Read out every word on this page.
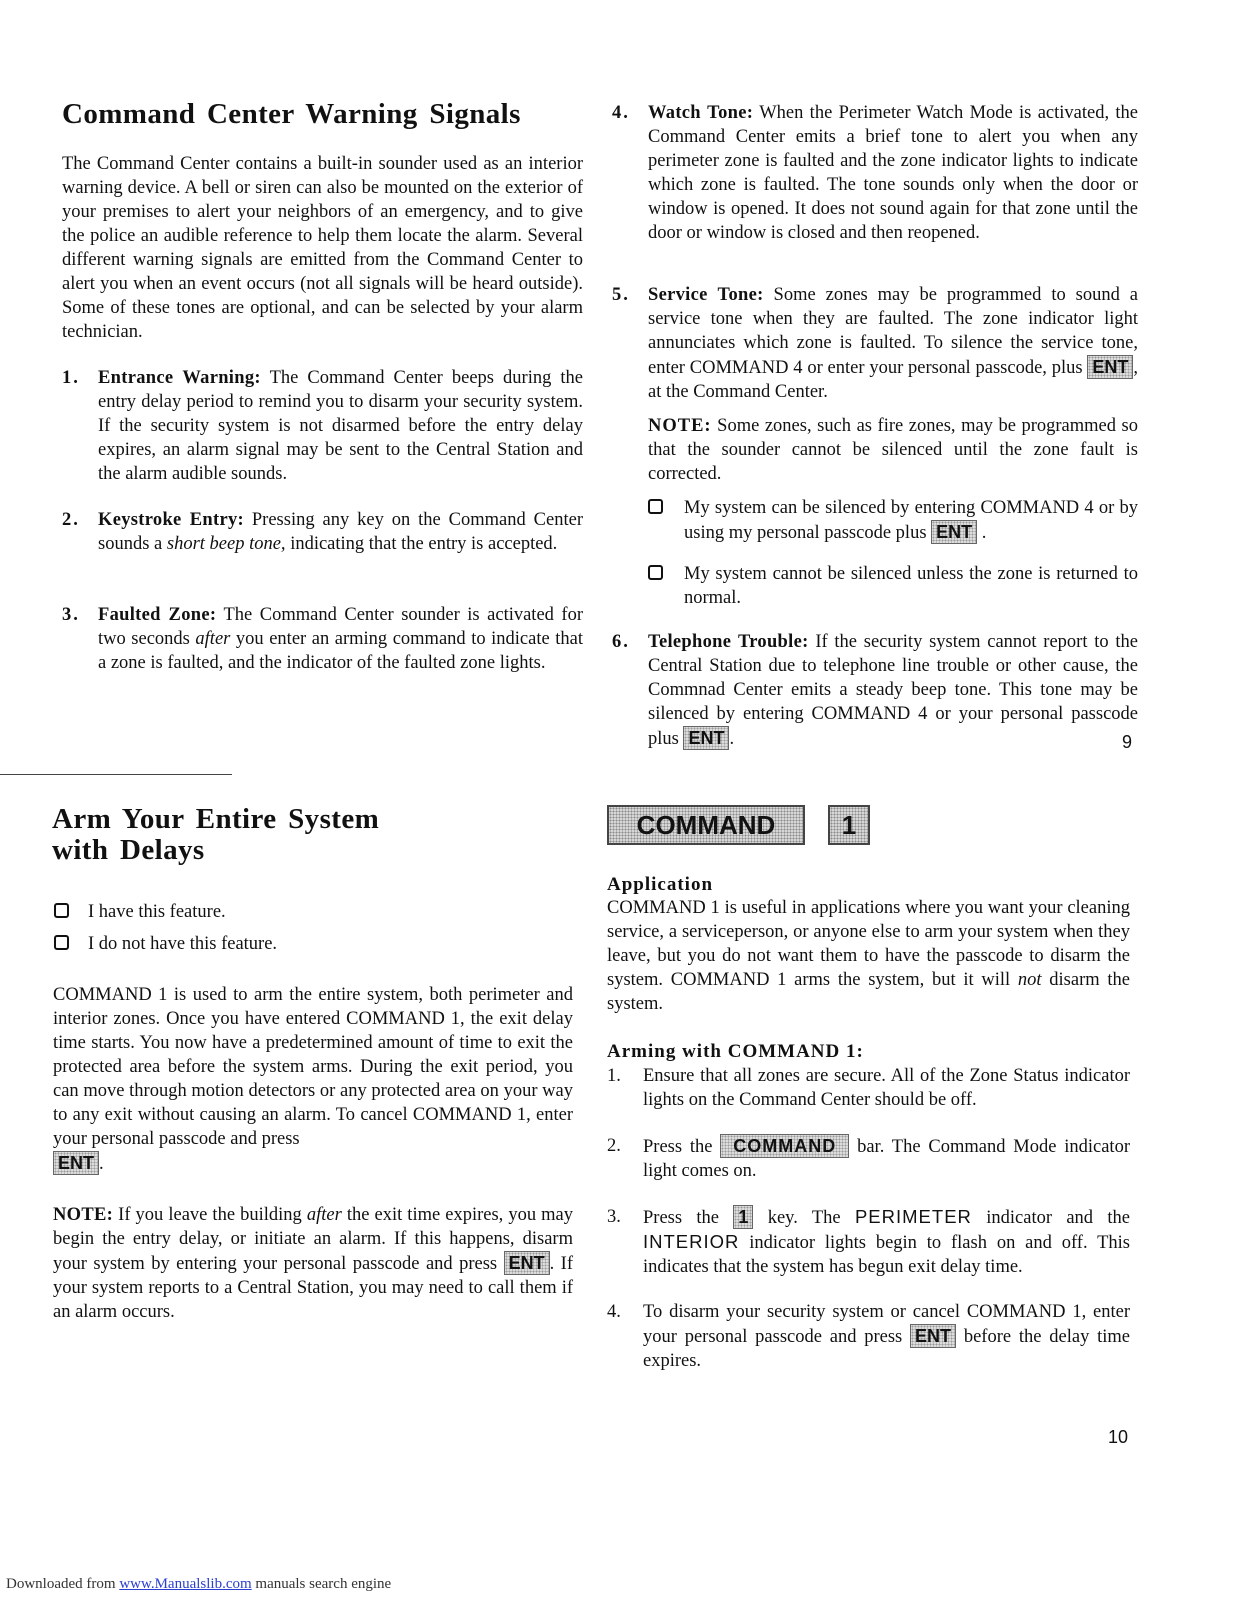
Command Center Warning Signals

The Command Center contains a built-in sounder used as an interior warning device. A bell or siren can also be mounted on the exterior of your premises to alert your neighbors of an emergency, and to give the police an audible reference to help them locate the alarm. Several different warning signals are emitted from the Command Center to alert you when an event occurs (not all signals will be heard outside). Some of these tones are optional, and can be selected by your alarm technician.

1. Entrance Warning: The Command Center beeps during the entry delay period to remind you to disarm your security system. If the security system is not disarmed before the entry delay expires, an alarm signal may be sent to the Central Station and the alarm audible sounds.
2. Keystroke Entry: Pressing any key on the Command Center sounds a short beep tone, indicating that the entry is accepted.
3. Faulted Zone: The Command Center sounder is activated for two seconds after you enter an arming command to indicate that a zone is faulted, and the indicator of the faulted zone lights.
4. Watch Tone: When the Perimeter Watch Mode is activated, the Command Center emits a brief tone to alert you when any perimeter zone is faulted and the zone indicator lights to indicate which zone is faulted. The tone sounds only when the door or window is opened. It does not sound again for that zone until the door or window is closed and then reopened.
5. Service Tone: Some zones may be programmed to sound a service tone when they are faulted. The zone indicator light annunciates which zone is faulted. To silence the service tone, enter COMMAND 4 or enter your personal passcode, plus ENT , at the Command Center.

NOTE: Some zones, such as fire zones, may be programmed so that the sounder cannot be silenced until the zone fault is corrected.

My system can be silenced by entering COMMAND 4 or by using my personal passcode plus ENT .
My system cannot be silenced unless the zone is returned to normal.
6. Telephone Trouble: If the security system cannot report to the Central Station due to telephone line trouble or other cause, the Commnad Center emits a steady beep tone. This tone may be silenced by entering COMMAND 4 or your personal passcode plus ENT .	9
Arm Your Entire System
with Delays
I have this feature.
I do not have this feature.

COMMAND 1 is used to arm the entire system, both perimeter and interior zones. Once you have entered COMMAND 1, the exit delay time starts. You now have a predetermined amount of time to exit the protected area before the system arms. During the exit period, you can move through motion detectors or any protected area on your way to any exit without causing an alarm. To cancel COMMAND 1, enter your personal passcode and press
ENT .

NOTE: If you leave the building after the exit time expires, you may begin the entry delay, or initiate an alarm. If this happens, disarm your system by entering your personal passcode and press ENT . If your system reports to a Central Station, you may need to call them if an alarm occurs.

COMMAND	1
Application

COMMAND 1 is useful in applications where you want your cleaning service, a serviceperson, or anyone else to arm your system when they leave, but you do not want them to have the passcode to disarm the system. COMMAND 1 arms the system, but it will not disarm the system.

Arming with COMMAND 1:
1.	Ensure that all zones are secure. All of the Zone Status indicator lights on the Command Center should be off.
2.	Press the COMMAND bar. The Command Mode indicator light comes on.
3.	Press the 1 key. The PERIMETER indicator and the INTERIOR indicator lights begin to flash on and off. This indicates that the system has begun exit delay time.
4.	To disarm your security system or cancel COMMAND 1, enter your personal passcode and press ENT before the delay time expires.
10
Downloaded from www.Manualslib.com manuals search engine
